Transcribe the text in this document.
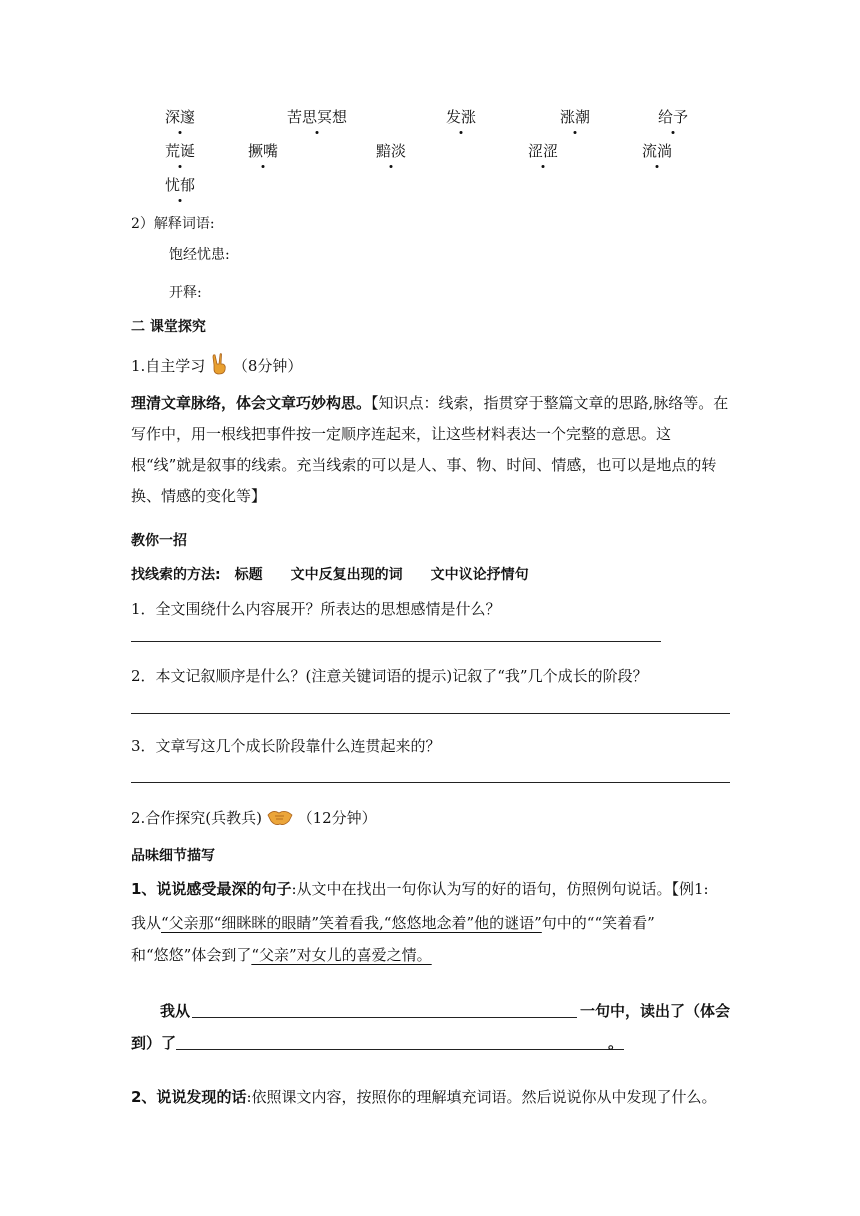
深邃	苦思冥想	发涨	涨潮	给予
荒诞	撅嘴	黯淡	涩涩	流淌
忧郁
2）解释词语:
饱经忧患:
开释:
二 课堂探究
1.自主学习 （8分钟）
理清文章脉络，体会文章巧妙构思。【知识点：线索，指贯穿于整篇文章的思路,脉络等。在写作中，用一根线把事件按一定顺序连起来，让这些材料表达一个完整的意思。这根“线”就是叙事的线索。充当线索的可以是人、事、物、时间、情感，也可以是地点的转换、情感的变化等】
教你一招
找线索的方法:　标题　　文中反复出现的词　　文中议论抒情句
1．全文围绕什么内容展开？所表达的思想感情是什么？
2．本文记叙顺序是什么？(注意关键词语的提示)记叙了“我”几个成长的阶段？
3．文章写这几个成长阶段靠什么连贯起来的？
2.合作探究(兵教兵) （12分钟）
品味细节描写
1、说说感受最深的句子:从文中在找出一句你认为写的好的语句，仿照例句说话。【例1:
我从“父亲那“细眯眯的眼睛”笑着看我,“悠悠地念着”他的谜语”句中的““笑着看”
和“悠悠”体会到了“父亲”对女儿的喜爱之情。
我从	一句中，读出了（体会
到）了	。
2、说说发现的话:依照课文内容，按照你的理解填充词语。然后说说你从中发现了什么。
